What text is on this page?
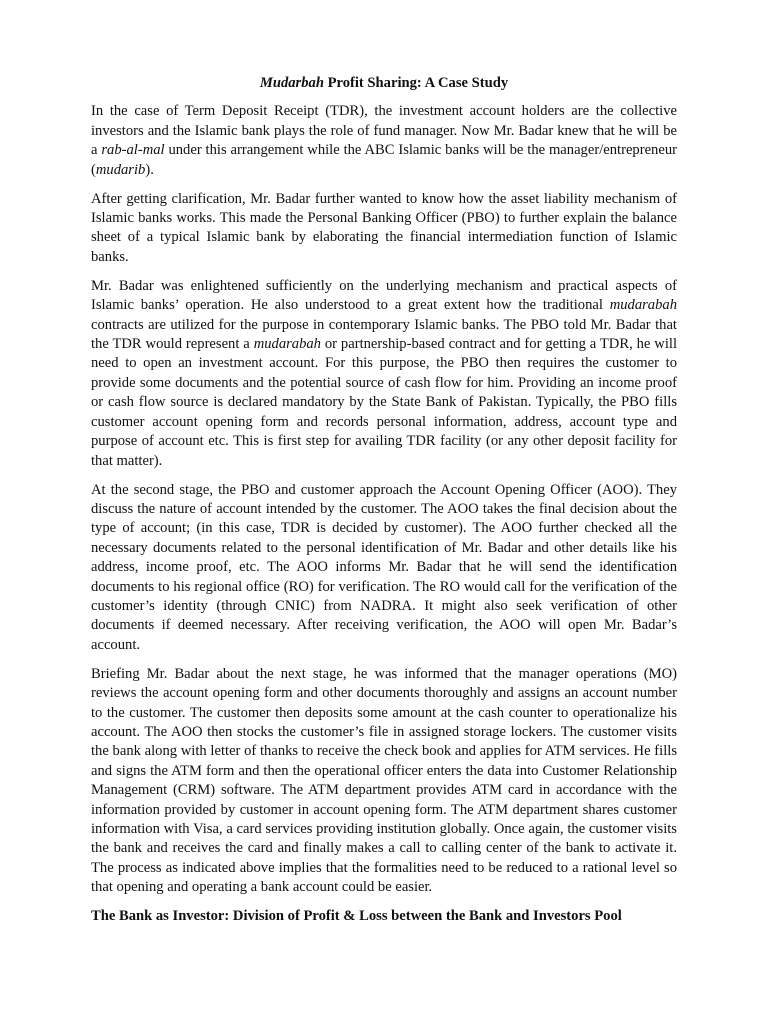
Mudarbah Profit Sharing: A Case Study

In the case of Term Deposit Receipt (TDR), the investment account holders are the collective investors and the Islamic bank plays the role of fund manager. Now Mr. Badar knew that he will be a rab-al-mal under this arrangement while the ABC Islamic banks will be the manager/entrepreneur (mudarib).

After getting clarification, Mr. Badar further wanted to know how the asset liability mechanism of Islamic banks works. This made the Personal Banking Officer (PBO) to further explain the balance sheet of a typical Islamic bank by elaborating the financial intermediation function of Islamic banks.

Mr. Badar was enlightened sufficiently on the underlying mechanism and practical aspects of Islamic banks’ operation. He also understood to a great extent how the traditional mudarabah contracts are utilized for the purpose in contemporary Islamic banks. The PBO told Mr. Badar that the TDR would represent a mudarabah or partnership-based contract and for getting a TDR, he will need to open an investment account. For this purpose, the PBO then requires the customer to provide some documents and the potential source of cash flow for him. Providing an income proof or cash flow source is declared mandatory by the State Bank of Pakistan. Typically, the PBO fills customer account opening form and records personal information, address, account type and purpose of account etc. This is first step for availing TDR facility (or any other deposit facility for that matter).

At the second stage, the PBO and customer approach the Account Opening Officer (AOO). They discuss the nature of account intended by the customer. The AOO takes the final decision about the type of account; (in this case, TDR is decided by customer). The AOO further checked all the necessary documents related to the personal identification of Mr. Badar and other details like his address, income proof, etc. The AOO informs Mr. Badar that he will send the identification documents to his regional office (RO) for verification. The RO would call for the verification of the customer’s identity (through CNIC) from NADRA. It might also seek verification of other documents if deemed necessary. After receiving verification, the AOO will open Mr. Badar’s account.

Briefing Mr. Badar about the next stage, he was informed that the manager operations (MO) reviews the account opening form and other documents thoroughly and assigns an account number to the customer. The customer then deposits some amount at the cash counter to operationalize his account. The AOO then stocks the customer’s file in assigned storage lockers. The customer visits the bank along with letter of thanks to receive the check book and applies for ATM services. He fills and signs the ATM form and then the operational officer enters the data into Customer Relationship Management (CRM) software. The ATM department provides ATM card in accordance with the information provided by customer in account opening form. The ATM department shares customer information with Visa, a card services providing institution globally. Once again, the customer visits the bank and receives the card and finally makes a call to calling center of the bank to activate it. The process as indicated above implies that the formalities need to be reduced to a rational level so that opening and operating a bank account could be easier.

The Bank as Investor: Division of Profit & Loss between the Bank and Investors Pool
